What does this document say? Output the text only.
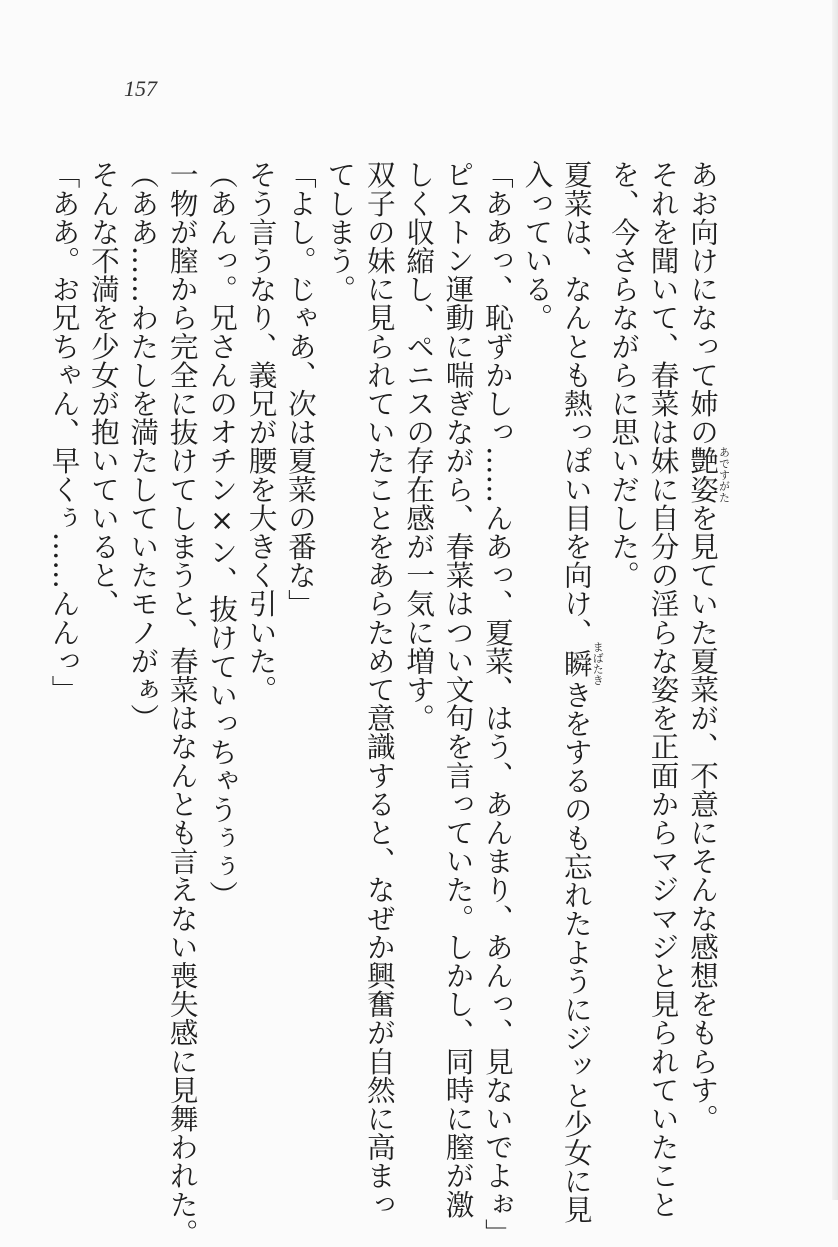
157
あお向けになって姉の艶姿あですがたを見ていた夏菜が、不意にそんな感想をもらす。
それを聞いて、春菜は妹に自分の淫らな姿を正面からマジマジと見られていたこと
を、今さらながらに思いだした。
夏菜は、なんとも熱っぽい目を向け、瞬まばたききをするのも忘れたようにジッと少女に見
入っている。
「ああっ、恥ずかしっ……んあっ、夏菜、はう、あんまり、あんっ、見ないでよぉ」
ピストン運動に喘ぎながら、春菜はつい文句を言っていた。しかし、同時に膣が激
しく収縮し、ペニスの存在感が一気に増す。
双子の妹に見られていたことをあらためて意識すると、なぜか興奮が自然に高まっ
てしまう。
「よし。じゃあ、次は夏菜の番な」
そう言うなり、義兄が腰を大きく引いた。
（あんっ。兄さんのオチン×ン、抜けていっちゃうぅぅ）
一物が膣から完全に抜けてしまうと、春菜はなんとも言えない喪失感に見舞われた。
（ああ……わたしを満たしていたモノがぁ）
そんな不満を少女が抱いていると、
「ああ。お兄ちゃん、早くぅ……んんっ」
